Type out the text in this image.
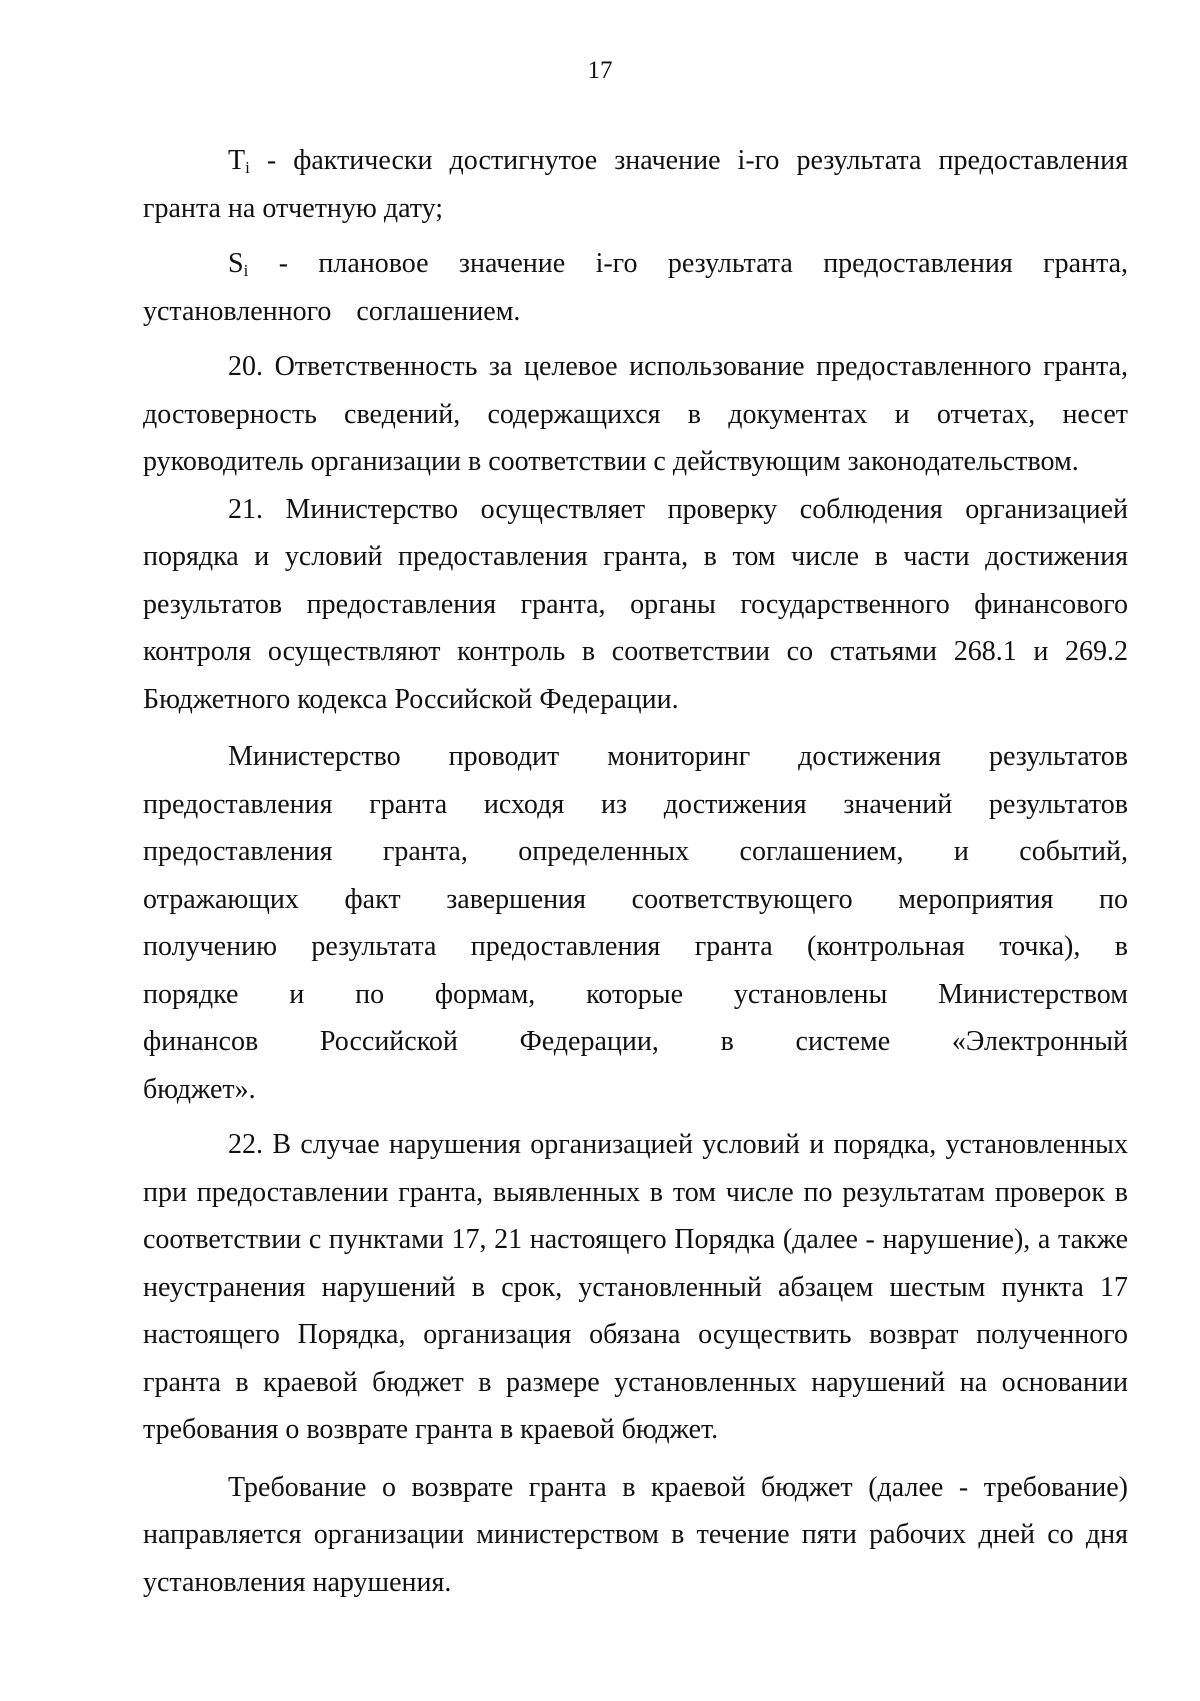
17

$T_i$ - фактически достигнутое значение i-го результата предоставления гранта на отчетную дату;

$S_i$ - плановое значение i-го результата предоставления гранта, установленного соглашением.

20. Ответственность за целевое использование предоставленного гранта, достоверность сведений, содержащихся в документах и отчетах, несет руководитель организации в соответствии с действующим законодательством.

21. Министерство осуществляет проверку соблюдения организацией порядка и условий предоставления гранта, в том числе в части достижения результатов предоставления гранта, органы государственного финансового контроля осуществляют контроль в соответствии со статьями 268.1 и 269.2 Бюджетного кодекса Российской Федерации.

Министерство проводит мониторинг достижения результатов предоставления гранта исходя из достижения значений результатов предоставления гранта, определенных соглашением, и событий, отражающих факт завершения соответствующего мероприятия по получению результата предоставления гранта (контрольная точка), в порядке и по формам, которые установлены Министерством финансов Российской Федерации, в системе «Электронный бюджет».

22. В случае нарушения организацией условий и порядка, установленных при предоставлении гранта, выявленных в том числе по результатам проверок в соответствии с пунктами 17, 21 настоящего Порядка (далее - нарушение), а также неустранения нарушений в срок, установленный абзацем шестым пункта 17 настоящего Порядка, организация обязана осуществить возврат полученного гранта в краевой бюджет в размере установленных нарушений на основании требования о возврате гранта в краевой бюджет.

Требование о возврате гранта в краевой бюджет (далее - требование) направляется организации министерством в течение пяти рабочих дней со дня установления нарушения.
